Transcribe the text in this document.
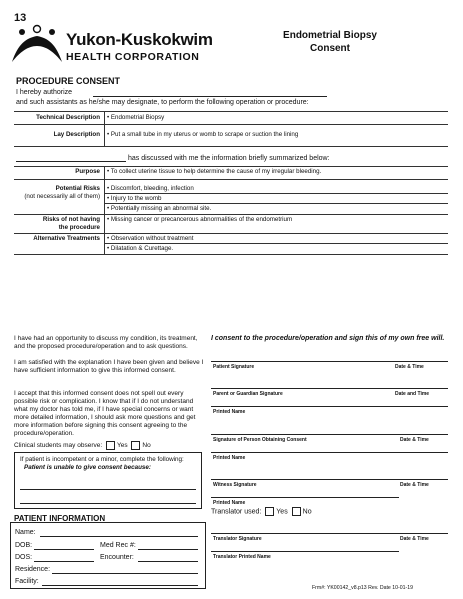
13
Yukon-Kuskokwim
HEALTH CORPORATION
Endometrial Biopsy
Consent
PROCEDURE CONSENT
I hereby authorize
and such assistants as he/she may designate, to perform the following operation or procedure:
Technical Description • Endometrial Biopsy
Lay Description • Put a small tube in my uterus or womb to scrape or suction the lining
has discussed with me the information briefly summarized below:
Purpose • To collect uterine tissue to help determine the cause of my irregular bleeding.
Potential Risks
(not necessarily all of them)
• Discomfort, bleeding, infection
• Injury to the womb
• Potentially missing an abnormal site.
Risks of not having
the procedure
• Missing cancer or precancerous abnormalities of the endometrium
Alternative Treatments • Observation without treatment
• Dilatation & Curettage.
I have had an opportunity to discuss my condition, its treatment, and the proposed procedure/operation and to ask questions.
I am satisfied with the explanation I have been given and believe I have sufficient information to give this informed consent.
I accept that this informed consent does not spell out every possible risk or complication. I know that if I do not understand what my doctor has told me, if I have special concerns or want more detailed information, I should ask more questions and get more information before signing this consent agreeing to the procedure/operation.
Clinical students may observe: Yes No
If patient is incompetent or a minor, complete the following:
Patient is unable to give consent because:
PATIENT INFORMATION
Name:
DOB:	Med Rec #:
DOS:	Encounter:
Residence:
Facility:
I consent to the procedure/operation and sign this of my own free will.
Patient Signature	Date & Time
Parent or Guardian Signature	Date and Time
Printed Name
Signature of Person Obtaining Consent	Date & Time
Printed Name
Witness Signature	Date & Time
Printed Name
Translator used: Yes No
Translator Signature	Date & Time
Translator Printed Name
Frm#: YK00142_v8.p13 Rev. Date 10-01-19
